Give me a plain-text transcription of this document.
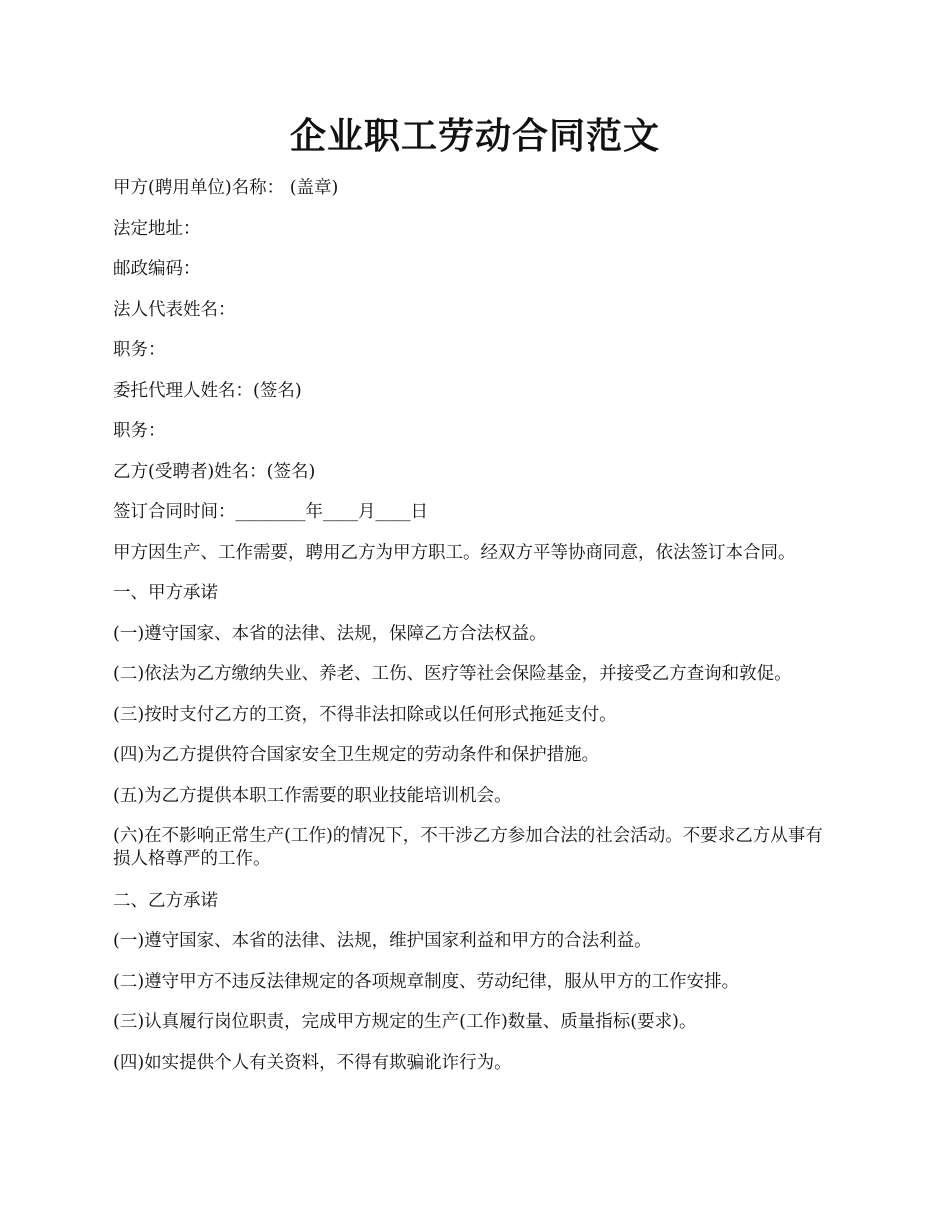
企业职工劳动合同范文

甲方(聘用单位)名称： (盖章)

法定地址：

邮政编码：

法人代表姓名：

职务：

委托代理人姓名：(签名)

职务：

乙方(受聘者)姓名：(签名)

签订合同时间：________年____月____日

甲方因生产、工作需要，聘用乙方为甲方职工。经双方平等协商同意，依法签订本合同。

一、甲方承诺

(一)遵守国家、本省的法律、法规，保障乙方合法权益。

(二)依法为乙方缴纳失业、养老、工伤、医疗等社会保险基金，并接受乙方查询和敦促。

(三)按时支付乙方的工资，不得非法扣除或以任何形式拖延支付。

(四)为乙方提供符合国家安全卫生规定的劳动条件和保护措施。

(五)为乙方提供本职工作需要的职业技能培训机会。

(六)在不影响正常生产(工作)的情况下，不干涉乙方参加合法的社会活动。不要求乙方从事有损人格尊严的工作。

二、乙方承诺

(一)遵守国家、本省的法律、法规，维护国家利益和甲方的合法利益。

(二)遵守甲方不违反法律规定的各项规章制度、劳动纪律，服从甲方的工作安排。

(三)认真履行岗位职责，完成甲方规定的生产(工作)数量、质量指标(要求)。

(四)如实提供个人有关资料，不得有欺骗讹诈行为。
